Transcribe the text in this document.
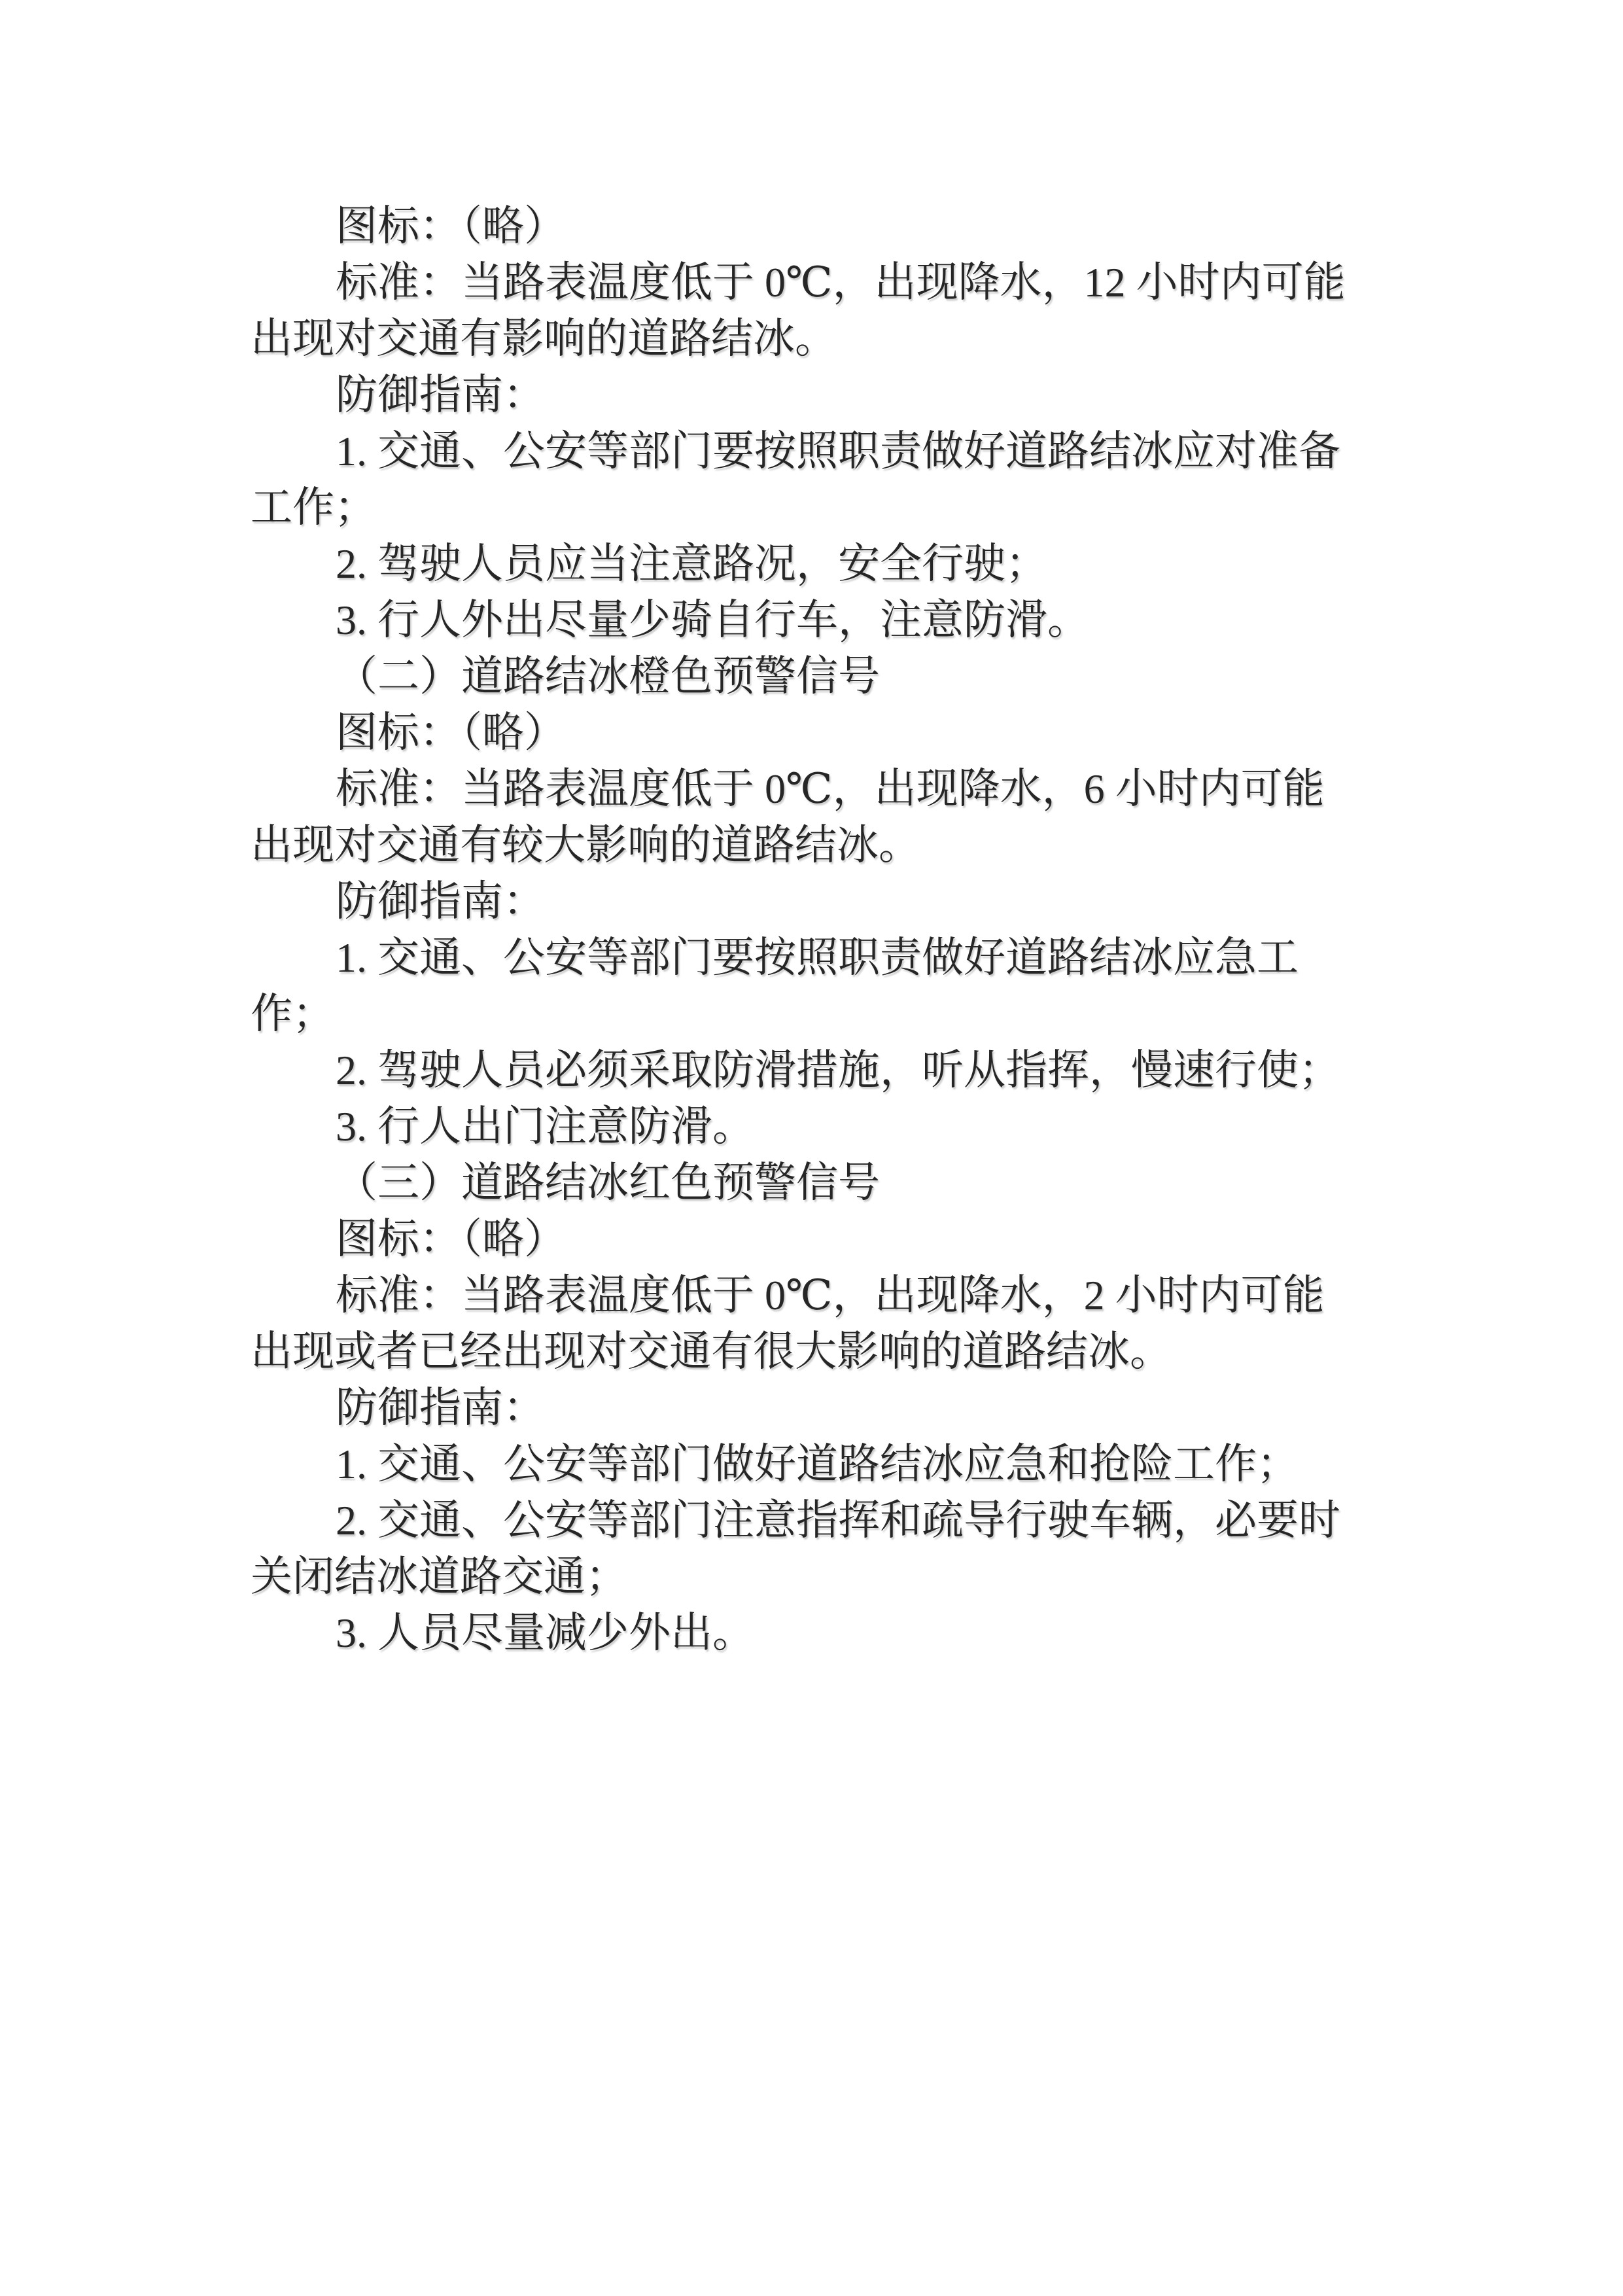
图标：（略）
标准：当路表温度低于 0℃，出现降水，12 小时内可能
出现对交通有影响的道路结冰。
防御指南：
1. 交通、公安等部门要按照职责做好道路结冰应对准备
工作；
2. 驾驶人员应当注意路况，安全行驶；
3. 行人外出尽量少骑自行车，注意防滑。
（二）道路结冰橙色预警信号
图标：（略）
标准：当路表温度低于 0℃，出现降水，6 小时内可能
出现对交通有较大影响的道路结冰。
防御指南：
1. 交通、公安等部门要按照职责做好道路结冰应急工
作；
2. 驾驶人员必须采取防滑措施，听从指挥，慢速行使；
3. 行人出门注意防滑。
（三）道路结冰红色预警信号
图标：（略）
标准：当路表温度低于 0℃，出现降水，2 小时内可能
出现或者已经出现对交通有很大影响的道路结冰。
防御指南：
1. 交通、公安等部门做好道路结冰应急和抢险工作；
2. 交通、公安等部门注意指挥和疏导行驶车辆，必要时
关闭结冰道路交通；
3. 人员尽量减少外出。
